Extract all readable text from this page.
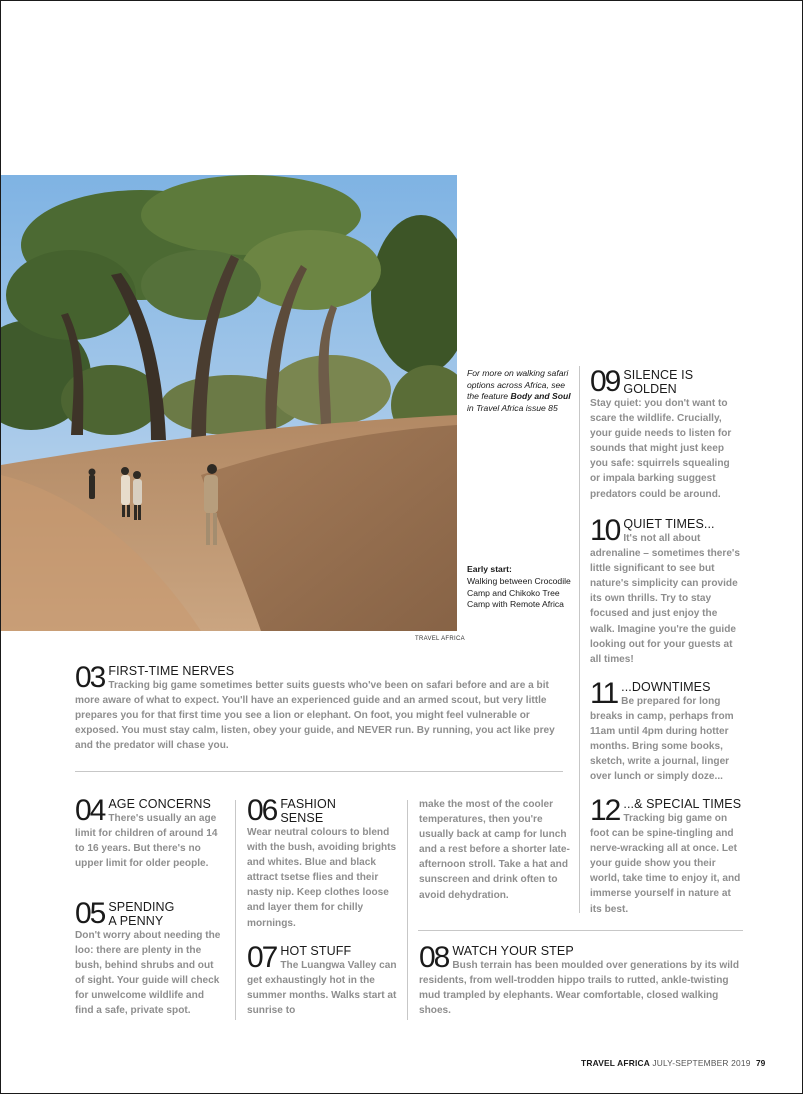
TRAVEL AFRICA
For more on walking safari options across Africa, see the feature Body and Soul in Travel Africa issue 85
Early start:
Walking between Crocodile Camp and Chikoko Tree Camp with Remote Africa
03 FIRST-TIME NERVES
Tracking big game sometimes better suits guests who've been on safari before and are a bit more aware of what to expect. You'll have an experienced guide and an armed scout, but very little prepares you for that first time you see a lion or elephant. On foot, you might feel vulnerable or exposed. You must stay calm, listen, obey your guide, and NEVER run. By running, you act like prey and the predator will chase you.
04 AGE CONCERNS
There's usually an age limit for children of around 14 to 16 years. But there's no upper limit for older people.
05 SPENDING
A PENNY
Don't worry about needing the loo: there are plenty in the bush, behind shrubs and out of sight. Your guide will check for unwelcome wildlife and find a safe, private spot.
06 FASHION
SENSE
Wear neutral colours to blend with the bush, avoiding brights and whites. Blue and black attract tsetse flies and their nasty nip. Keep clothes loose and layer them for chilly mornings.
07 HOT STUFF
The Luangwa Valley can get exhaustingly hot in the summer months. Walks start at sunrise to
make the most of the cooler temperatures, then you're usually back at camp for lunch and a rest before a shorter late-afternoon stroll. Take a hat and sunscreen and drink often to avoid dehydration.
08 WATCH YOUR STEP
Bush terrain has been moulded over generations by its wild residents, from well-trodden hippo trails to rutted, ankle-twisting mud trampled by elephants. Wear comfortable, closed walking shoes.
09 SILENCE IS
GOLDEN
Stay quiet: you don't want to scare the wildlife. Crucially, your guide needs to listen for sounds that might just keep you safe: squirrels squealing or impala barking suggest predators could be around.
10 QUIET TIMES...
It's not all about adrenaline – sometimes there's little significant to see but nature's simplicity can provide its own thrills. Try to stay focused and just enjoy the walk. Imagine you're the guide looking out for your guests at all times!
11 ...DOWNTIMES
Be prepared for long breaks in camp, perhaps from 11am until 4pm during hotter months. Bring some books, sketch, write a journal, linger over lunch or simply doze...
12 ...& SPECIAL TIMES
Tracking big game on foot can be spine-tingling and nerve-wracking all at once. Let your guide show you their world, take time to enjoy it, and immerse yourself in nature at its best.
TRAVEL AFRICA JULY-SEPTEMBER 2019 79
